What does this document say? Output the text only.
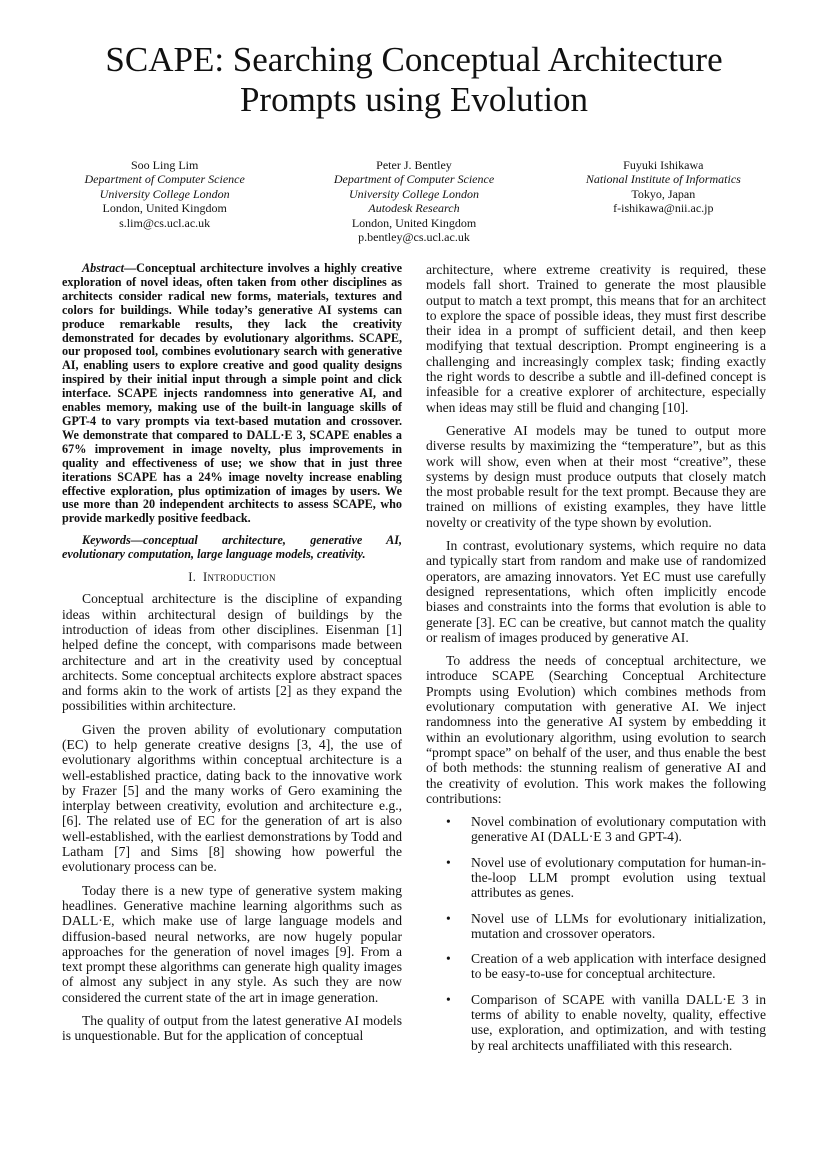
SCAPE: Searching Conceptual Architecture
Prompts using Evolution
Soo Ling Lim
Department of Computer Science
University College London
London, United Kingdom
s.lim@cs.ucl.ac.uk
Peter J. Bentley
Department of Computer Science
University College London
Autodesk Research
London, United Kingdom
p.bentley@cs.ucl.ac.uk
Fuyuki Ishikawa
National Institute of Informatics
Tokyo, Japan
f-ishikawa@nii.ac.jp

Abstract—Conceptual architecture involves a highly creative exploration of novel ideas, often taken from other disciplines as architects consider radical new forms, materials, textures and colors for buildings. While today’s generative AI systems can produce remarkable results, they lack the creativity demonstrated for decades by evolutionary algorithms. SCAPE, our proposed tool, combines evolutionary search with generative AI, enabling users to explore creative and good quality designs inspired by their initial input through a simple point and click interface. SCAPE injects randomness into generative AI, and enables memory, making use of the built-in language skills of GPT-4 to vary prompts via text-based mutation and crossover. We demonstrate that compared to DALL·E 3, SCAPE enables a 67% improvement in image novelty, plus improvements in quality and effectiveness of use; we show that in just three iterations SCAPE has a 24% image novelty increase enabling effective exploration, plus optimization of images by users. We use more than 20 independent architects to assess SCAPE, who provide markedly positive feedback.

Keywords—conceptual architecture, generative AI, evolutionary computation, large language models, creativity.

I. Introduction

Conceptual architecture is the discipline of expanding ideas within architectural design of buildings by the introduction of ideas from other disciplines. Eisenman [1] helped define the concept, with comparisons made between architecture and art in the creativity used by conceptual architects. Some conceptual architects explore abstract spaces and forms akin to the work of artists [2] as they expand the possibilities within architecture.

Given the proven ability of evolutionary computation (EC) to help generate creative designs [3, 4], the use of evolutionary algorithms within conceptual architecture is a well-established practice, dating back to the innovative work by Frazer [5] and the many works of Gero examining the interplay between creativity, evolution and architecture e.g., [6]. The related use of EC for the generation of art is also well-established, with the earliest demonstrations by Todd and Latham [7] and Sims [8] showing how powerful the evolutionary process can be.

Today there is a new type of generative system making headlines. Generative machine learning algorithms such as DALL·E, which make use of large language models and diffusion-based neural networks, are now hugely popular approaches for the generation of novel images [9]. From a text prompt these algorithms can generate high quality images of almost any subject in any style. As such they are now considered the current state of the art in image generation.

The quality of output from the latest generative AI models is unquestionable. But for the application of conceptual

architecture, where extreme creativity is required, these models fall short. Trained to generate the most plausible output to match a text prompt, this means that for an architect to explore the space of possible ideas, they must first describe their idea in a prompt of sufficient detail, and then keep modifying that textual description. Prompt engineering is a challenging and increasingly complex task; finding exactly the right words to describe a subtle and ill-defined concept is infeasible for a creative explorer of architecture, especially when ideas may still be fluid and changing [10].

Generative AI models may be tuned to output more diverse results by maximizing the “temperature”, but as this work will show, even when at their most “creative”, these systems by design must produce outputs that closely match the most probable result for the text prompt. Because they are trained on millions of existing examples, they have little novelty or creativity of the type shown by evolution.

In contrast, evolutionary systems, which require no data and typically start from random and make use of randomized operators, are amazing innovators. Yet EC must use carefully designed representations, which often implicitly encode biases and constraints into the forms that evolution is able to generate [3]. EC can be creative, but cannot match the quality or realism of images produced by generative AI.

To address the needs of conceptual architecture, we introduce SCAPE (Searching Conceptual Architecture Prompts using Evolution) which combines methods from evolutionary computation with generative AI. We inject randomness into the generative AI system by embedding it within an evolutionary algorithm, using evolution to search “prompt space” on behalf of the user, and thus enable the best of both methods: the stunning realism of generative AI and the creativity of evolution. This work makes the following contributions:

• Novel combination of evolutionary computation with generative AI (DALL·E 3 and GPT-4).
• Novel use of evolutionary computation for human-in-the-loop LLM prompt evolution using textual attributes as genes.
• Novel use of LLMs for evolutionary initialization, mutation and crossover operators.
• Creation of a web application with interface designed to be easy-to-use for conceptual architecture.
• Comparison of SCAPE with vanilla DALL·E 3 in terms of ability to enable novelty, quality, effective use, exploration, and optimization, and with testing by real architects unaffiliated with this research.
